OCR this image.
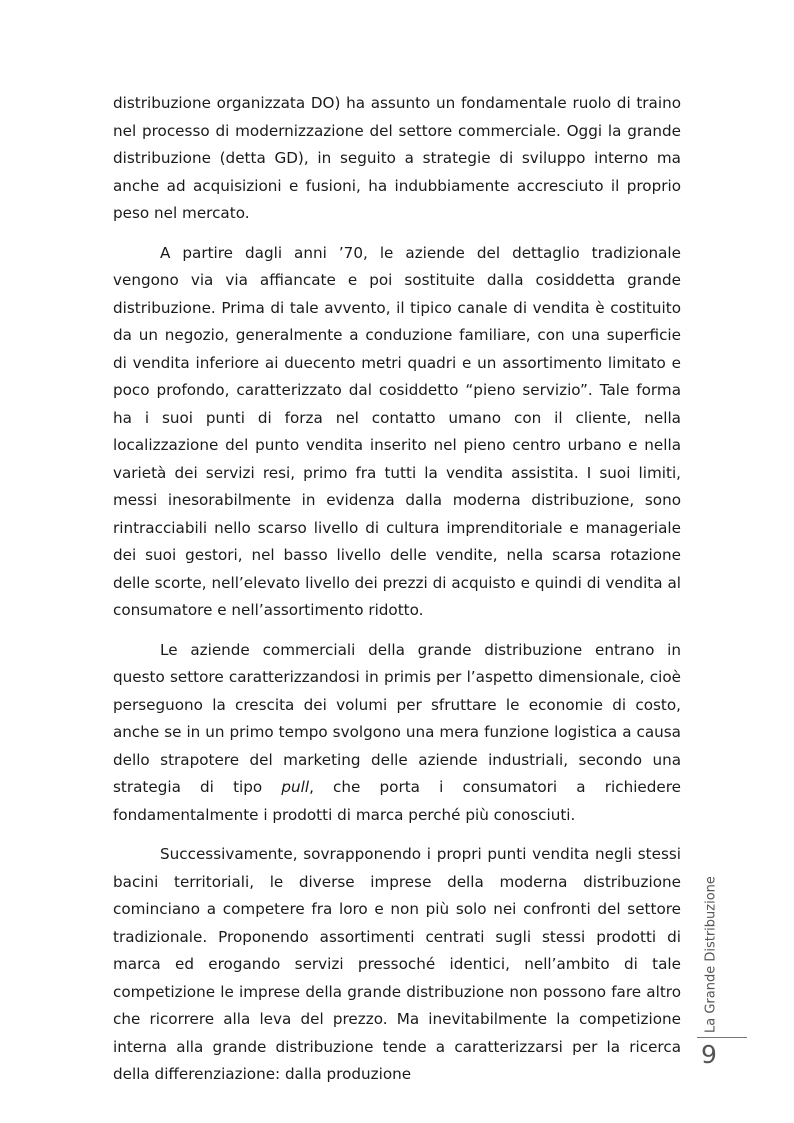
distribuzione organizzata DO) ha assunto un fondamentale ruolo di traino nel processo di modernizzazione del settore commerciale. Oggi la grande distribuzione (detta GD), in seguito a strategie di sviluppo interno ma anche ad acquisizioni e fusioni, ha indubbiamente accresciuto il proprio peso nel mercato.

A partire dagli anni ’70, le aziende del dettaglio tradizionale vengono via via affiancate e poi sostituite dalla cosiddetta grande distribuzione. Prima di tale avvento, il tipico canale di vendita è costituito da un negozio, generalmente a conduzione familiare, con una superficie di vendita inferiore ai duecento metri quadri e un assortimento limitato e poco profondo, caratterizzato dal cosiddetto “pieno servizio”. Tale forma ha i suoi punti di forza nel contatto umano con il cliente, nella localizzazione del punto vendita inserito nel pieno centro urbano e nella varietà dei servizi resi, primo fra tutti la vendita assistita. I suoi limiti, messi inesorabilmente in evidenza dalla moderna distribuzione, sono rintracciabili nello scarso livello di cultura imprenditoriale e manageriale dei suoi gestori, nel basso livello delle vendite, nella scarsa rotazione delle scorte, nell’elevato livello dei prezzi di acquisto e quindi di vendita al consumatore e nell’assortimento ridotto.

Le aziende commerciali della grande distribuzione entrano in questo settore caratterizzandosi in primis per l’aspetto dimensionale, cioè perseguono la crescita dei volumi per sfruttare le economie di costo, anche se in un primo tempo svolgono una mera funzione logistica a causa dello strapotere del marketing delle aziende industriali, secondo una strategia di tipo pull, che porta i consumatori a richiedere fondamentalmente i prodotti di marca perché più conosciuti.

Successivamente, sovrapponendo i propri punti vendita negli stessi bacini territoriali, le diverse imprese della moderna distribuzione cominciano a competere fra loro e non più solo nei confronti del settore tradizionale. Proponendo assortimenti centrati sugli stessi prodotti di marca ed erogando servizi pressoché identici, nell’ambito di tale competizione le imprese della grande distribuzione non possono fare altro che ricorrere alla leva del prezzo. Ma inevitabilmente la competizione interna alla grande distribuzione tende a caratterizzarsi per la ricerca della differenziazione: dalla produzione

La Grande Distribuzione
9
